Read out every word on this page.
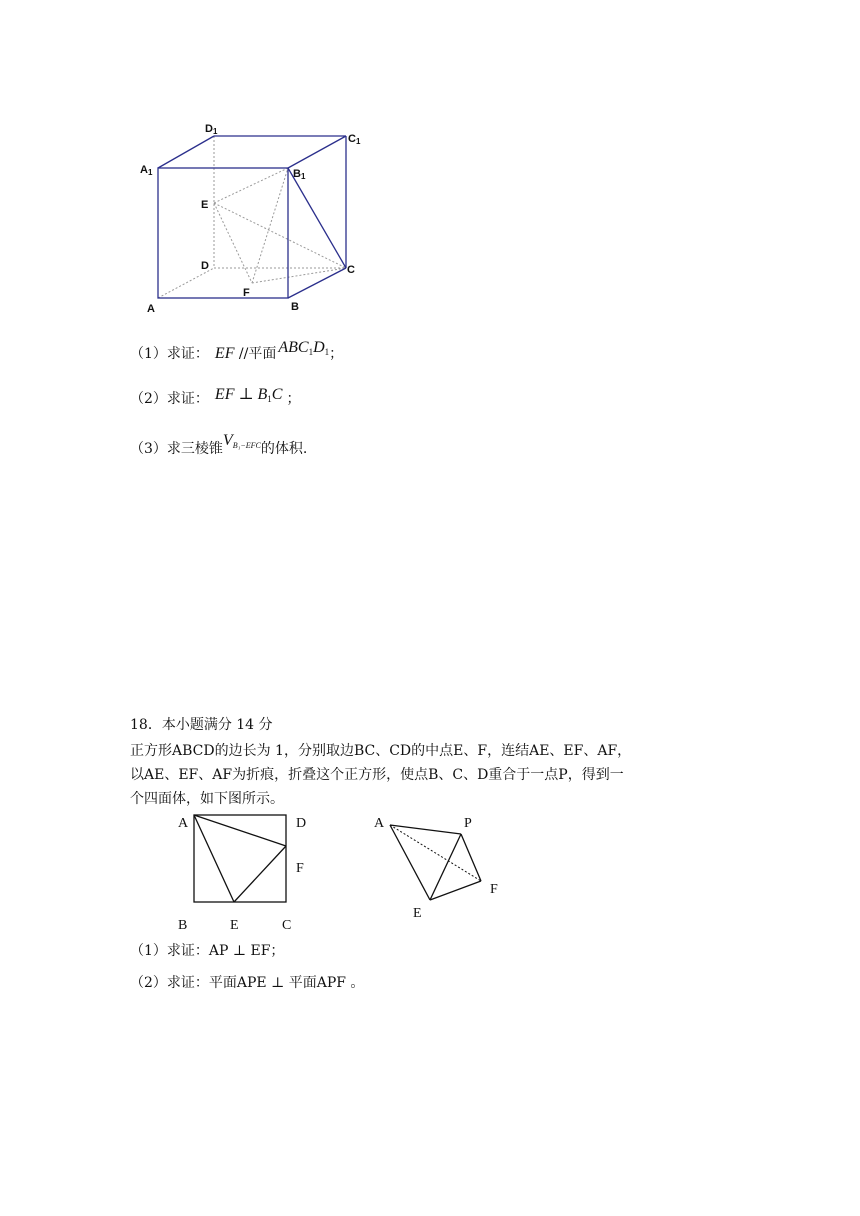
D1
C1
A1	B1
E
D	C
F
A	B
（1）求证： EF //平面 $ABC_1D_1$；
（2）求证： EF ⊥ $B_1C$ ；
（3）求三棱锥$V_{B_1-EFC}$的体积.
18．本小题满分 14 分
正方形ABCD的边长为 1，分别取边BC、CD的中点E、F，连结AE、EF、AF，
以AE、EF、AF为折痕，折叠这个正方形，使点B、C、D重合于一点P，得到一
个四面体，如下图所示。
A	D
F
B	E	C
A	P
F
E
（1）求证：AP ⊥ EF；
（2）求证：平面APE ⊥ 平面APF 。
